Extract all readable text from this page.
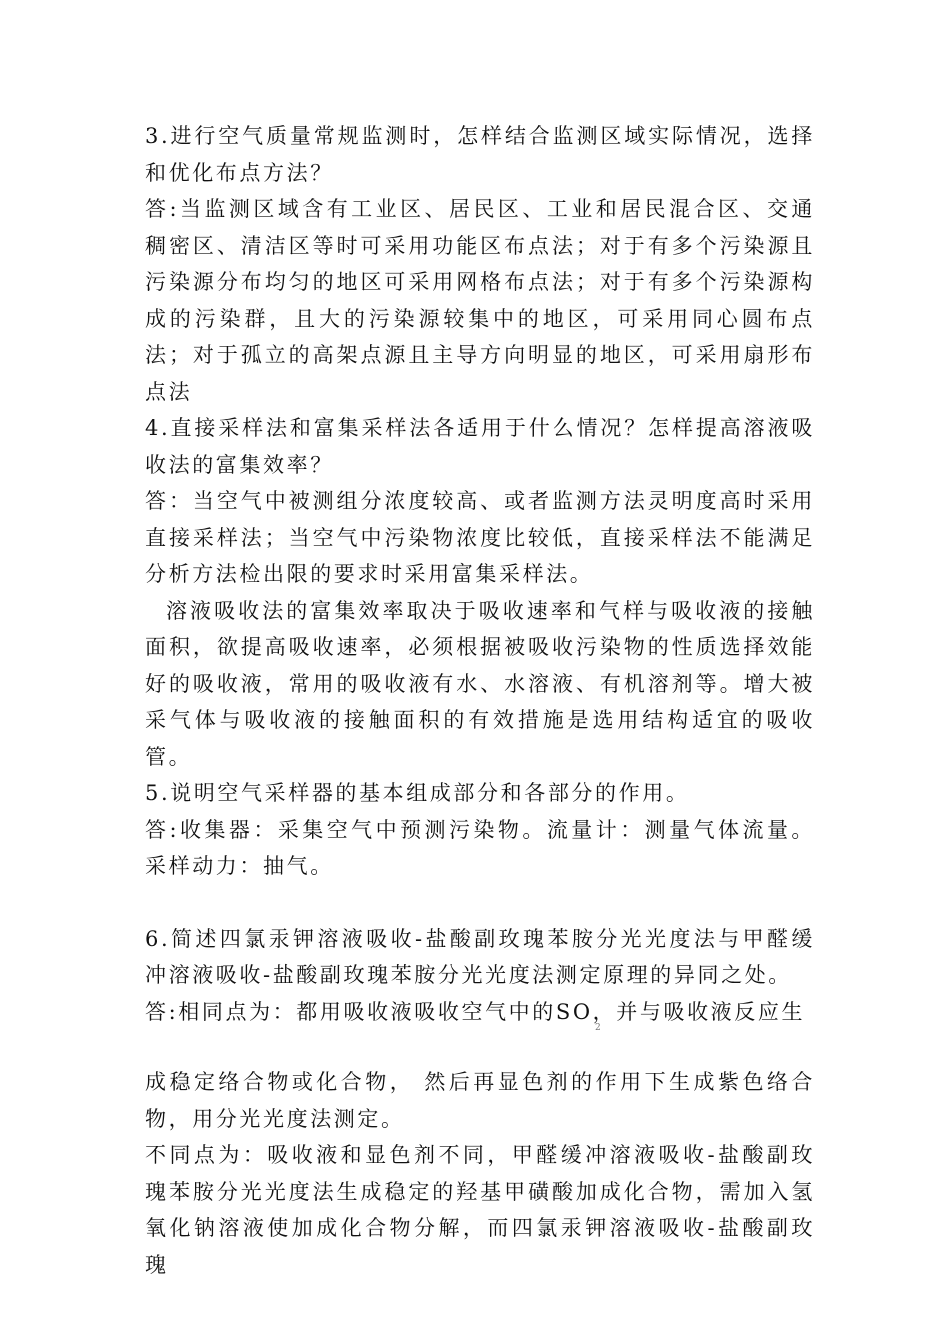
3.进行空气质量常规监测时，怎样结合监测区域实际情况，选择和优化布点方法？

答:当监测区域含有工业区、居民区、工业和居民混合区、交通稠密区、清洁区等时可采用功能区布点法；对于有多个污染源且污染源分布均匀的地区可采用网格布点法；对于有多个污染源构成的污染群，且大的污染源较集中的地区，可采用同心圆布点法；对于孤立的高架点源且主导方向明显的地区，可采用扇形布点法

4.直接采样法和富集采样法各适用于什么情况？怎样提高溶液吸收法的富集效率？

答：当空气中被测组分浓度较高、或者监测方法灵明度高时采用直接采样法；当空气中污染物浓度比较低，直接采样法不能满足分析方法检出限的要求时采用富集采样法。

溶液吸收法的富集效率取决于吸收速率和气样与吸收液的接触面积，欲提高吸收速率，必须根据被吸收污染物的性质选择效能好的吸收液，常用的吸收液有水、水溶液、有机溶剂等。增大被采气体与吸收液的接触面积的有效措施是选用结构适宜的吸收管。

5.说明空气采样器的基本组成部分和各部分的作用。

答:收集器：采集空气中预测污染物。流量计：测量气体流量。采样动力：抽气。

6.简述四氯汞钾溶液吸收-盐酸副玫瑰苯胺分光光度法与甲醛缓冲溶液吸收-盐酸副玫瑰苯胺分光光度法测定原理的异同之处。

答:相同点为：都用吸收液吸收空气中的SO，并与吸收液反应生

2

成稳定络合物或化合物， 然后再显色剂的作用下生成紫色络合物，用分光光度法测定。

不同点为：吸收液和显色剂不同，甲醛缓冲溶液吸收-盐酸副玫瑰苯胺分光光度法生成稳定的羟基甲磺酸加成化合物，需加入氢氧化钠溶液使加成化合物分解，而四氯汞钾溶液吸收-盐酸副玫瑰
